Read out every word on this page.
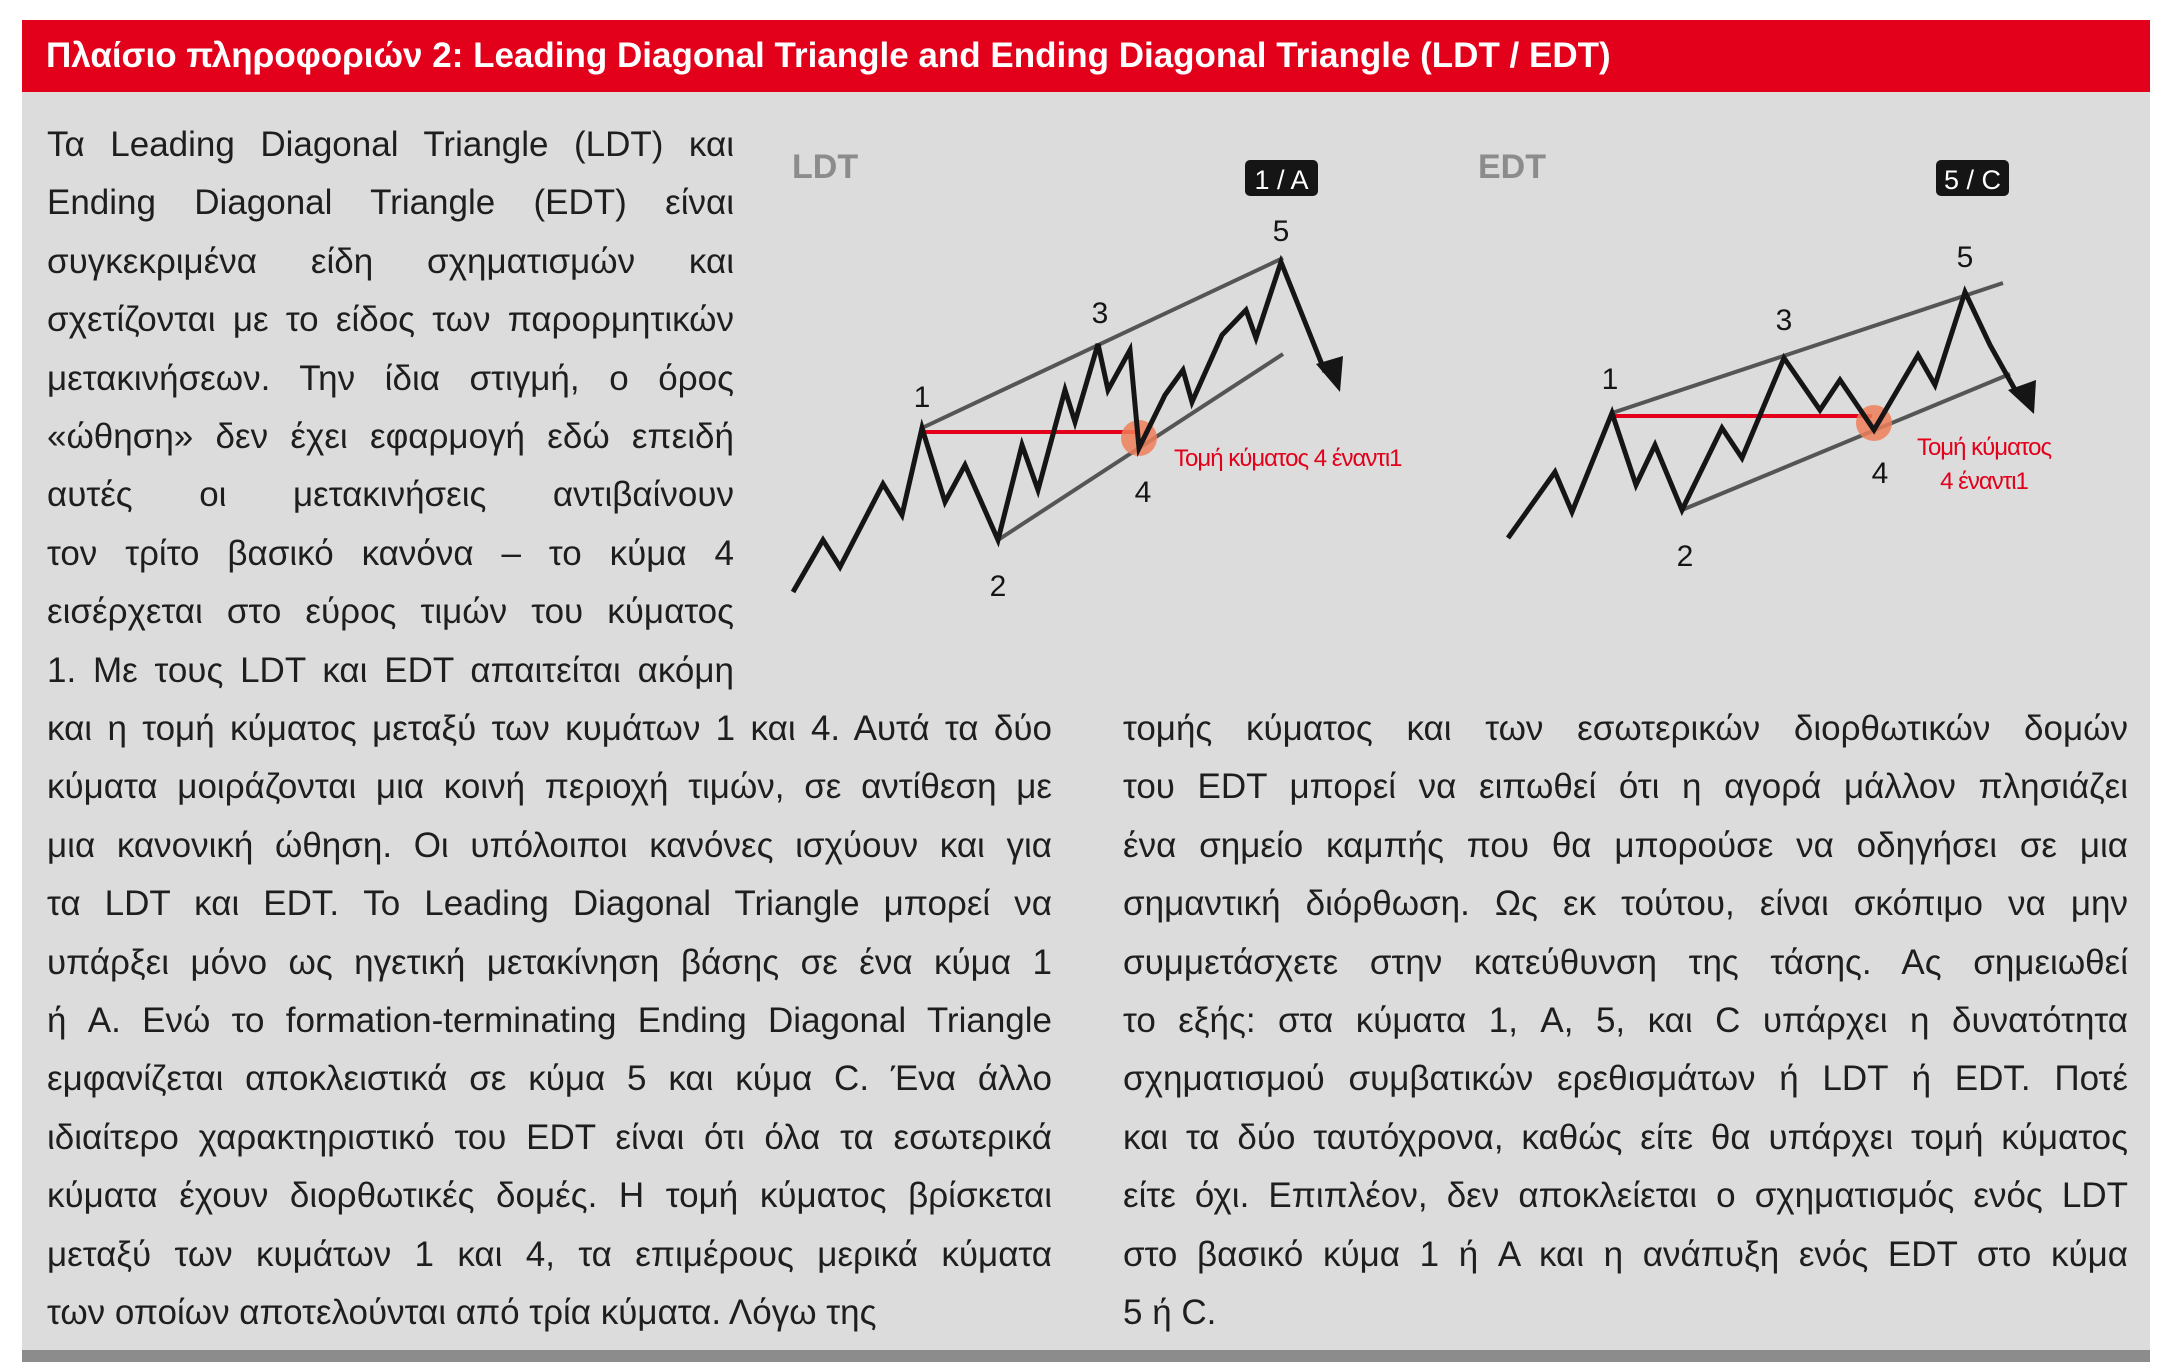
Πλαίσιο πληροφοριών 2: Leading Diagonal Triangle and Ending Diagonal Triangle (LDT / EDT)

Τα Leading Diagonal Triangle (LDT) και
Ending Diagonal Triangle (EDT) είναι
συγκεκριμένα είδη σχηματισμών και
σχετίζονται με το είδος των παρορμητικών
μετακινήσεων. Την ίδια στιγμή, ο όρος
«ώθηση» δεν έχει εφαρμογή εδώ επειδή
αυτές οι μετακινήσεις αντιβαίνουν
τον τρίτο βασικό κανόνα – το κύμα 4
εισέρχεται στο εύρος τιμών του κύματος
1. Με τους LDT και EDT απαιτείται ακόμη

και η τομή κύματος μεταξύ των κυμάτων 1 και 4. Αυτά τα δύο
κύματα μοιράζονται μια κοινή περιοχή τιμών, σε αντίθεση με
μια κανονική ώθηση. Οι υπόλοιποι κανόνες ισχύουν και για
τα LDT και EDT. Το Leading Diagonal Triangle μπορεί να
υπάρξει μόνο ως ηγετική μετακίνηση βάσης σε ένα κύμα 1
ή A. Ενώ το formation-terminating Ending Diagonal Triangle
εμφανίζεται αποκλειστικά σε κύμα 5 και κύμα C. Ένα άλλο
ιδιαίτερο χαρακτηριστικό του EDT είναι ότι όλα τα εσωτερικά
κύματα έχουν διορθωτικές δομές. Η τομή κύματος βρίσκεται
μεταξύ των κυμάτων 1 και 4, τα επιμέρους μερικά κύματα
των οποίων αποτελούνται από τρία κύματα. Λόγω της

τομής κύματος και των εσωτερικών διορθωτικών δομών
του EDT μπορεί να ειπωθεί ότι η αγορά μάλλον πλησιάζει
ένα σημείο καμπής που θα μπορούσε να οδηγήσει σε μια
σημαντική διόρθωση. Ως εκ τούτου, είναι σκόπιμο να μην
συμμετάσχετε στην κατεύθυνση της τάσης. Ας σημειωθεί
το εξής: στα κύματα 1, A, 5, και C υπάρχει η δυνατότητα
σχηματισμού συμβατικών ερεθισμάτων ή LDT ή EDT. Ποτέ
και τα δύο ταυτόχρονα, καθώς είτε θα υπάρχει τομή κύματος
είτε όχι. Επιπλέον, δεν αποκλείεται ο σχηματισμός ενός LDT
στο βασικό κύμα 1 ή A και η ανάπυξη ενός EDT στο κύμα
5 ή C.

LDT	1 / A
1
2
3
4
5
Τομή κύματος 4 έναντι1
EDT	5 / C
1
2
3
4
5
Τομή κύματος
4 έναντι1
